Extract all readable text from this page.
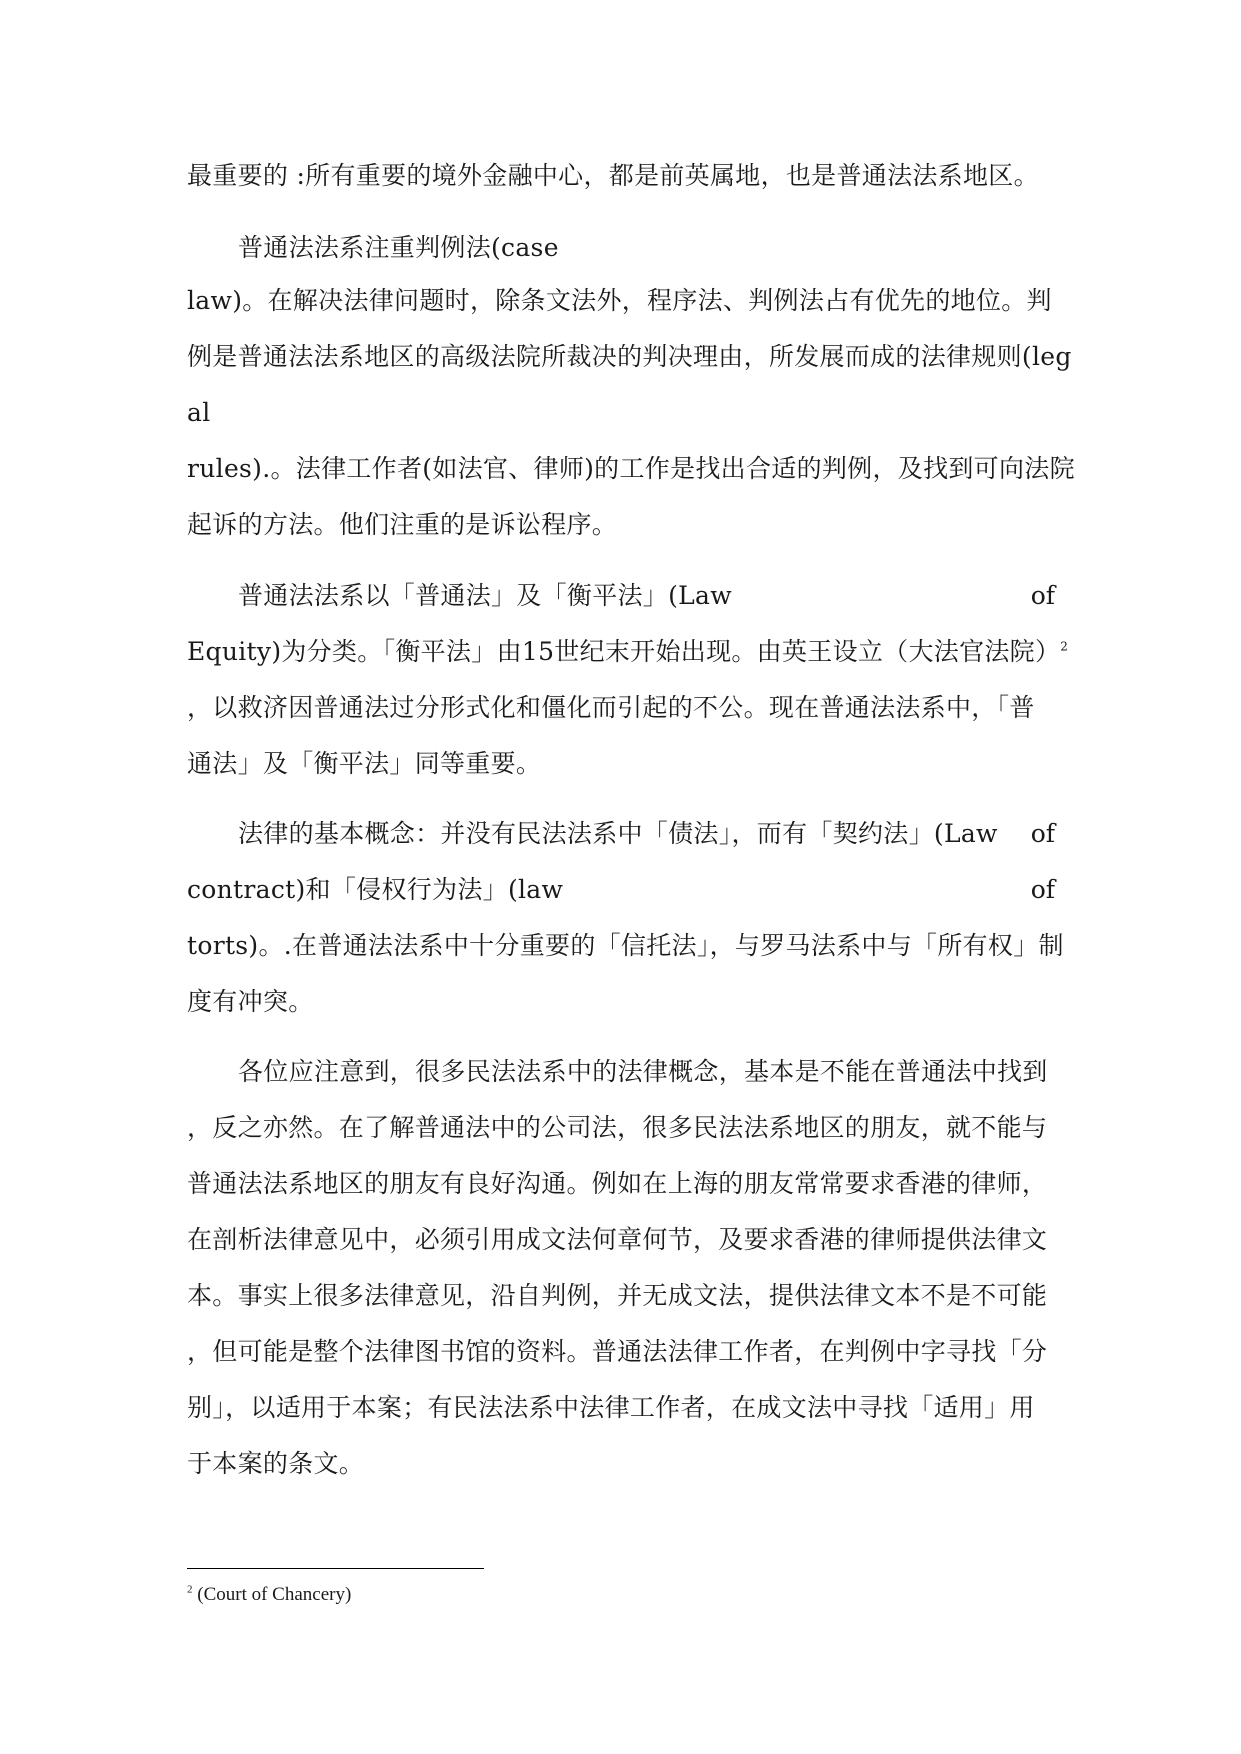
最重要的 :所有重要的境外金融中心，都是前英属地，也是普通法法系地区。
普通法法系注重判例法(case
law)。在解决法律问题时，除条文法外，程序法、判例法占有优先的地位。判
例是普通法法系地区的高级法院所裁决的判决理由，所发展而成的法律规则(leg
al
rules).。法律工作者(如法官、律师)的工作是找出合适的判例，及找到可向法院
起诉的方法。他们注重的是诉讼程序。
普通法法系以「普通法」及「衡平法」(Law	of
Equity)为分类。「衡平法」由15世纪末开始出现。由英王设立（大法官法院）$^2$
，以救济因普通法过分形式化和僵化而引起的不公。现在普通法法系中，「普
通法」及「衡平法」同等重要。
法律的基本概念：并没有民法法系中「债法」，而有「契约法」(Law of
contract)和「侵权行为法」(law	of
torts)。.在普通法法系中十分重要的「信托法」，与罗马法系中与「所有权」制
度有冲突。
各位应注意到，很多民法法系中的法律概念，基本是不能在普通法中找到
，反之亦然。在了解普通法中的公司法，很多民法法系地区的朋友，就不能与
普通法法系地区的朋友有良好沟通。例如在上海的朋友常常要求香港的律师，
在剖析法律意见中，必须引用成文法何章何节，及要求香港的律师提供法律文
本。事实上很多法律意见，沿自判例，并无成文法，提供法律文本不是不可能
，但可能是整个法律图书馆的资料。普通法法律工作者，在判例中字寻找「分
别」，以适用于本案；有民法法系中法律工作者，在成文法中寻找「适用」用
于本案的条文。
$^2$ (Court of Chancery)
